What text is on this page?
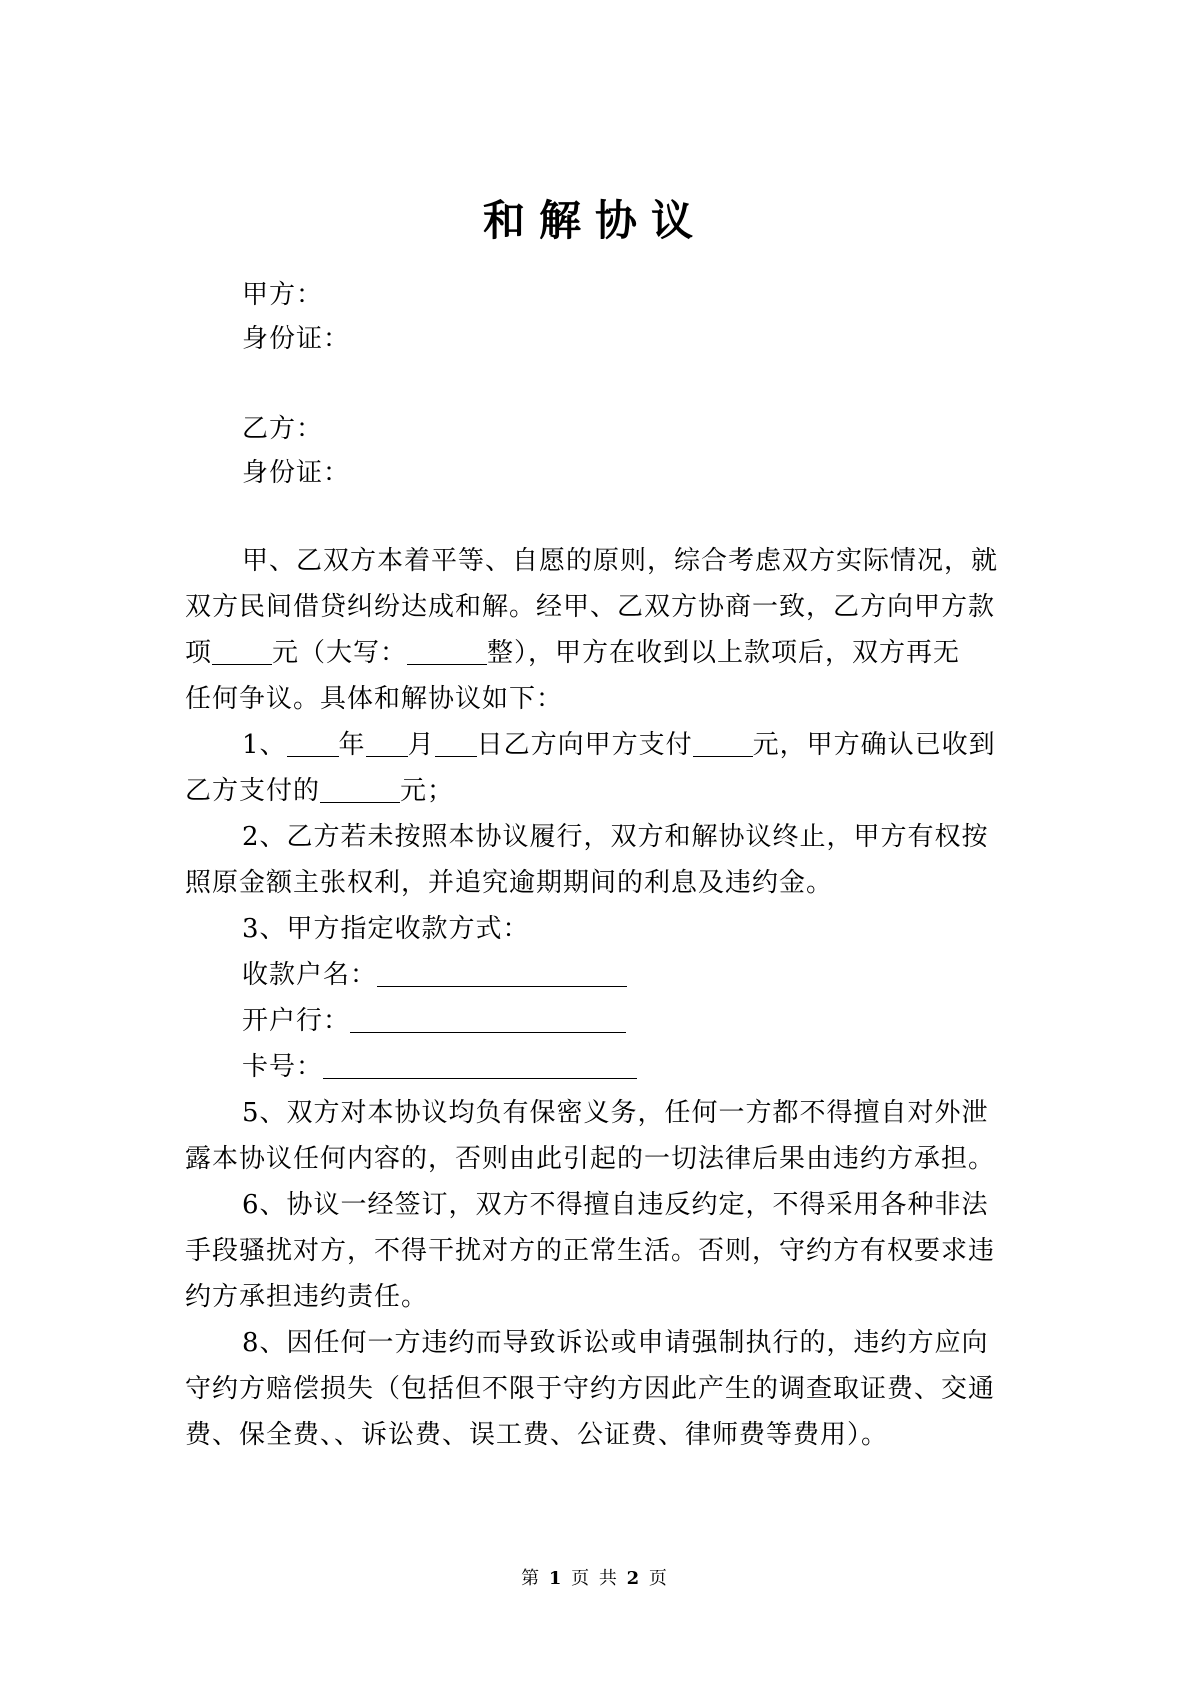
和解协议
甲方：
身份证：
乙方：
身份证：
甲、乙双方本着平等、自愿的原则，综合考虑双方实际情况，就
双方民间借贷纠纷达成和解。经甲、乙双方协商一致，乙方向甲方款
项 元（大写：	整），甲方在收到以上款项后，双方再无
任何争议。具体和解协议如下：
1、 年 月 日乙方向甲方支付 元，甲方确认已收到
乙方支付的	元；
2、乙方若未按照本协议履行，双方和解协议终止，甲方有权按
照原金额主张权利，并追究逾期期间的利息及违约金。
3、甲方指定收款方式：
收款户名：
开户行：
卡号：
5、双方对本协议均负有保密义务，任何一方都不得擅自对外泄
露本协议任何内容的，否则由此引起的一切法律后果由违约方承担。
6、协议一经签订，双方不得擅自违反约定，不得采用各种非法
手段骚扰对方，不得干扰对方的正常生活。否则，守约方有权要求违
约方承担违约责任。
8、因任何一方违约而导致诉讼或申请强制执行的，违约方应向
守约方赔偿损失（包括但不限于守约方因此产生的调查取证费、交通
费、保全费、、诉讼费、误工费、公证费、律师费等费用）。
第 1 页 共 2 页
